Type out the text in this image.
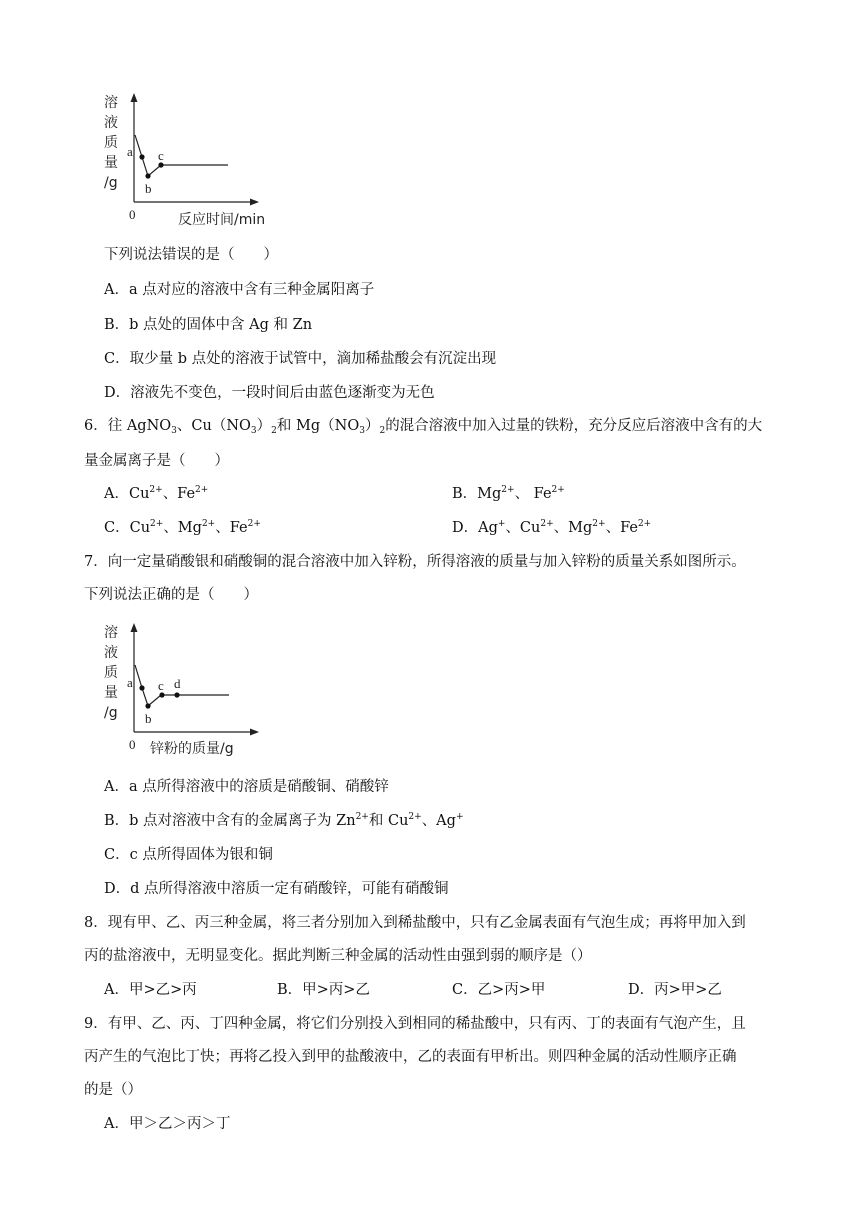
溶
液
质
量
/g
a
b
c
0	反应时间/min
下列说法错误的是（　　）
A．a 点对应的溶液中含有三种金属阳离子
B．b 点处的固体中含 Ag 和 Zn
C．取少量 b 点处的溶液于试管中，滴加稀盐酸会有沉淀出现
D．溶液先不变色，一段时间后由蓝色逐渐变为无色
6．往 AgNO$_3$、$Cu(NO_3)_2$和 $Mg(NO_3)_2$的混合溶液中加入过量的铁粉，充分反应后溶液中含有的大
量金属离子是（　　）
A．$Cu^{2+}$、$Fe^{2+}$	B．$Mg^{2+}$、 $Fe^{2+}$
C．$Cu^{2+}$、$Mg^{2+}$、$Fe^{2+}$	D．Ag+、$Cu^{2+}$、$Mg^{2+}$、$Fe^{2+}$
7．向一定量硝酸银和硝酸铜的混合溶液中加入锌粉，所得溶液的质量与加入锌粉的质量关系如图所示。
下列说法正确的是（　　）
溶
液
质
量
/g
a
b
c d
0 锌粉的质量/g
A．a 点所得溶液中的溶质是硝酸铜、硝酸锌
B．b 点对溶液中含有的金属离子为 $Zn^{2+}$和 $Cu^{2+}$、Ag+
C．c 点所得固体为银和铜
D．d 点所得溶液中溶质一定有硝酸锌，可能有硝酸铜
8．现有甲、乙、丙三种金属，将三者分别加入到稀盐酸中，只有乙金属表面有气泡生成；再将甲加入到
丙的盐溶液中，无明显变化。据此判断三种金属的活动性由强到弱的顺序是（）
A．甲>乙>丙	B．甲>丙>乙	C．乙>丙>甲	D．丙>甲>乙
9．有甲、乙、丙、丁四种金属，将它们分别投入到相同的稀盐酸中，只有丙、丁的表面有气泡产生，且
丙产生的气泡比丁快；再将乙投入到甲的盐酸液中，乙的表面有甲析出。则四种金属的活动性顺序正确
的是（）
A．甲＞乙＞丙＞丁
